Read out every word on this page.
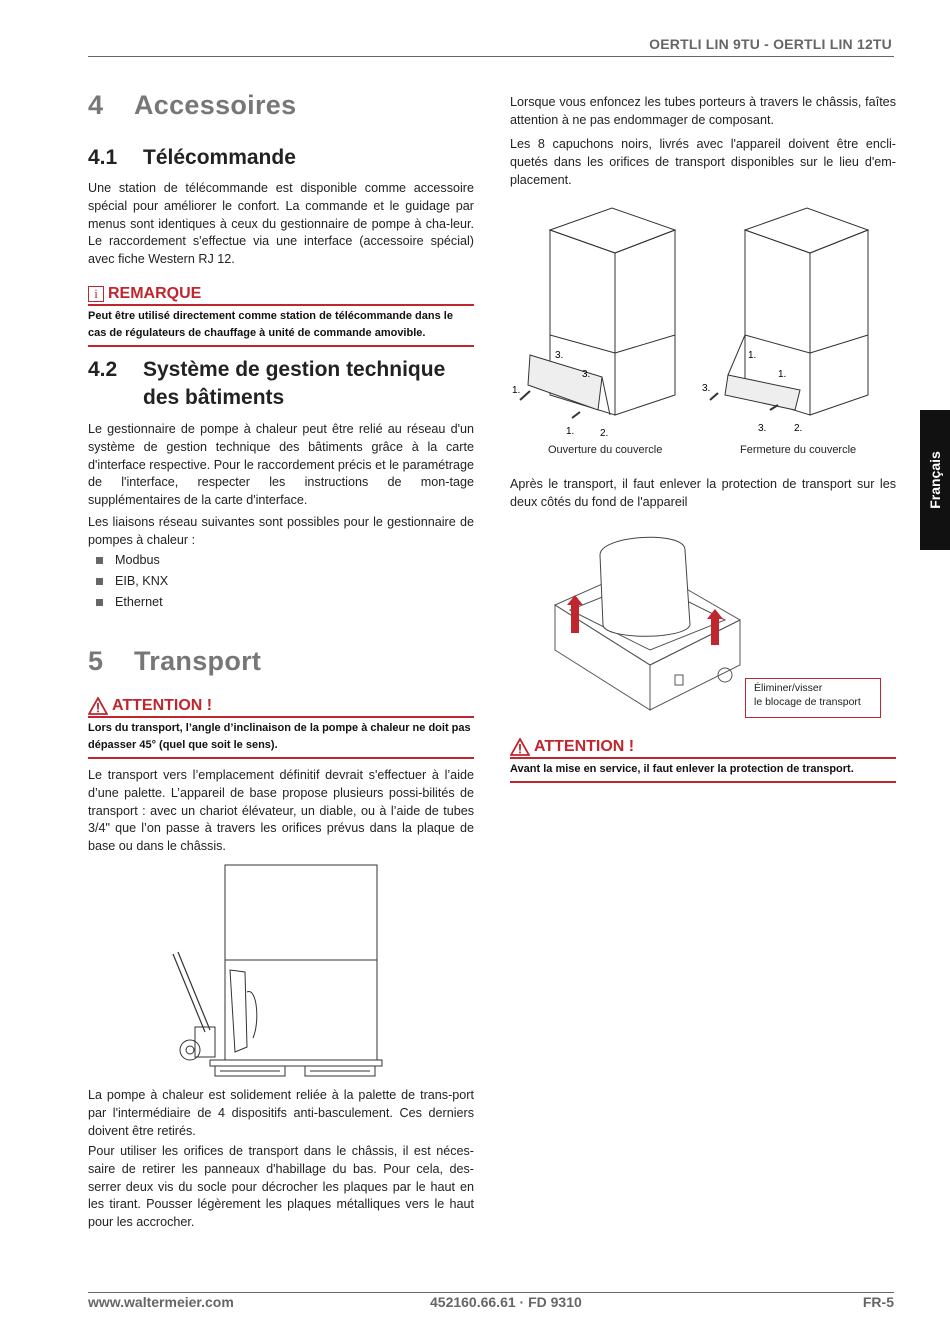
OERTLI LIN 9TU - OERTLI LIN 12TU
Français
4 Accessoires
4.1 Télécommande
Une station de télécommande est disponible comme accessoire spécial pour améliorer le confort. La commande et le guidage par menus sont identiques à ceux du gestionnaire de pompe à cha-leur. Le raccordement s'effectue via une interface (accessoire spécial) avec fiche Western RJ 12.
i REMARQUE
Peut être utilisé directement comme station de télécommande dans le cas de régulateurs de chauffage à unité de commande amovible.
4.2 Système de gestion technique
des bâtiments
Le gestionnaire de pompe à chaleur peut être relié au réseau d'un système de gestion technique des bâtiments grâce à la carte d'interface respective. Pour le raccordement précis et le paramétrage de l'interface, respecter les instructions de mon-tage supplémentaires de la carte d'interface.
Les liaisons réseau suivantes sont possibles pour le gestionnaire de pompes à chaleur :
Modbus
EIB, KNX
Ethernet
5 Transport
ATTENTION !
Lors du transport, l’angle d’inclinaison de la pompe à chaleur ne doit pas dépasser 45° (quel que soit le sens).
Le transport vers l’emplacement définitif devrait s'effectuer à l’aide d’une palette. L’appareil de base propose plusieurs possi-bilités de transport : avec un chariot élévateur, un diable, ou à l’aide de tubes 3/4" que l’on passe à travers les orifices prévus dans la plaque de base ou dans le châssis.
La pompe à chaleur est solidement reliée à la palette de trans-port par l'intermédiaire de 4 dispositifs anti-basculement. Ces derniers doivent être retirés.
Pour utiliser les orifices de transport dans le châssis, il est néces-saire de retirer les panneaux d'habillage du bas. Pour cela, des-serrer deux vis du socle pour décrocher les plaques par le haut en les tirant. Pousser légèrement les plaques métalliques vers le haut pour les accrocher.
Lorsque vous enfoncez les tubes porteurs à travers le châssis, faîtes attention à ne pas endommager de composant.
Les 8 capuchons noirs, livrés avec l'appareil doivent être encli-quetés dans les orifices de transport disponibles sur le lieu d'em-placement.
3.
3.
1.
1.	2.
Ouverture du couvercle
1.
1.
3.
3.	2.
Fermeture du couvercle
Après le transport, il faut enlever la protection de transport sur les deux côtés du fond de l'appareil
Éliminer/visser
le blocage de transport
ATTENTION !
Avant la mise en service, il faut enlever la protection de transport.
www.waltermeier.com	452160.66.61 · FD 9310	FR-5
